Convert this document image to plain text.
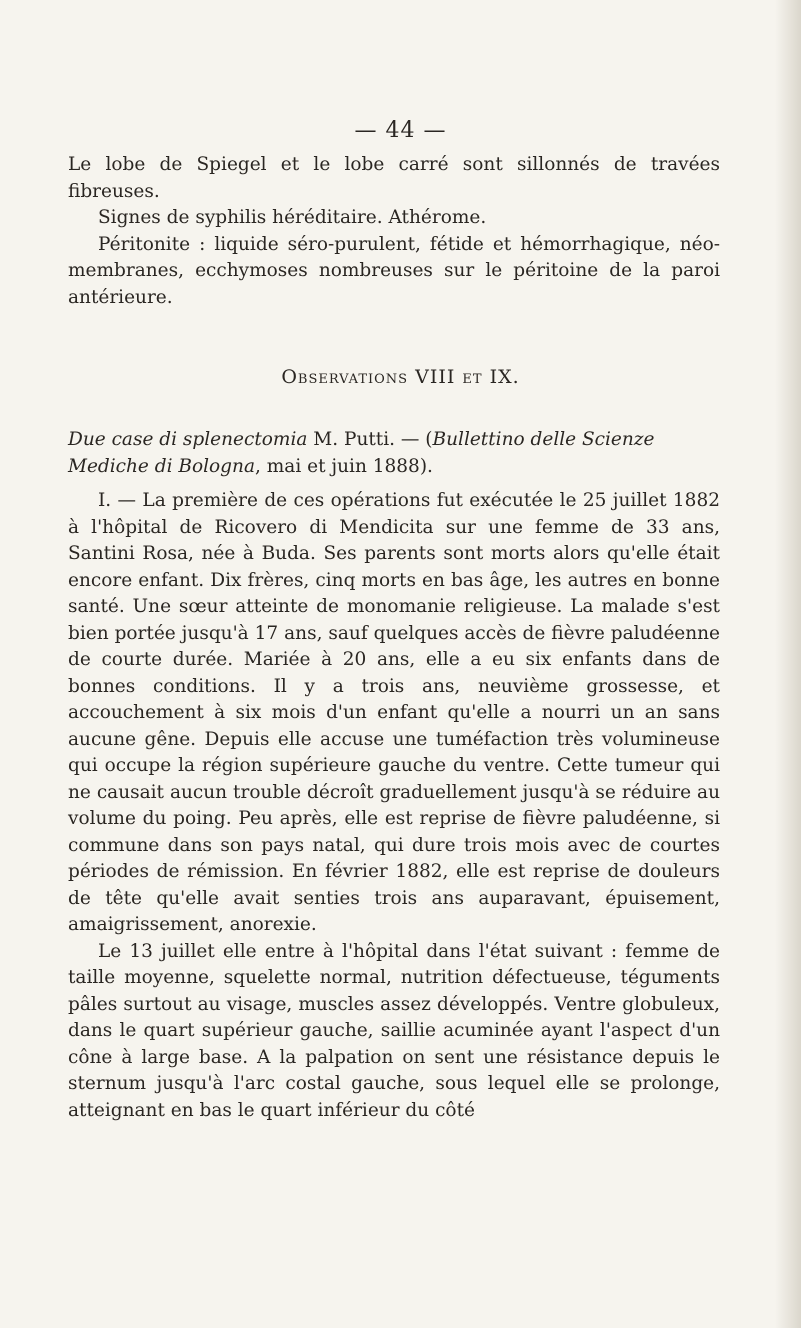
— 44 —

Le lobe de Spiegel et le lobe carré sont sillonnés de travées fibreuses.

Signes de syphilis héréditaire. Athérome.

Péritonite : liquide séro-purulent, fétide et hémorrhagique, néo-membranes, ecchymoses nombreuses sur le péritoine de la paroi antérieure.

Observations VIII et IX.
Due case di splenectomia M. Putti. — (Bullettino delle Scienze Mediche di Bologna, mai et juin 1888).

I. — La première de ces opérations fut exécutée le 25 juillet 1882 à l'hôpital de Ricovero di Mendicita sur une femme de 33 ans, Santini Rosa, née à Buda. Ses parents sont morts alors qu'elle était encore enfant. Dix frères, cinq morts en bas âge, les autres en bonne santé. Une sœur atteinte de monomanie religieuse. La malade s'est bien portée jusqu'à 17 ans, sauf quelques accès de fièvre paludéenne de courte durée. Mariée à 20 ans, elle a eu six enfants dans de bonnes conditions. Il y a trois ans, neuvième grossesse, et accouchement à six mois d'un enfant qu'elle a nourri un an sans aucune gêne. Depuis elle accuse une tuméfaction très volumineuse qui occupe la région supérieure gauche du ventre. Cette tumeur qui ne causait aucun trouble décroît graduellement jusqu'à se réduire au volume du poing. Peu après, elle est reprise de fièvre paludéenne, si commune dans son pays natal, qui dure trois mois avec de courtes périodes de rémission. En février 1882, elle est reprise de douleurs de tête qu'elle avait senties trois ans auparavant, épuisement, amaigrissement, anorexie.

Le 13 juillet elle entre à l'hôpital dans l'état suivant : femme de taille moyenne, squelette normal, nutrition défectueuse, téguments pâles surtout au visage, muscles assez développés. Ventre globuleux, dans le quart supérieur gauche, saillie acuminée ayant l'aspect d'un cône à large base. A la palpation on sent une résistance depuis le sternum jusqu'à l'arc costal gauche, sous lequel elle se prolonge, atteignant en bas le quart inférieur du côté
